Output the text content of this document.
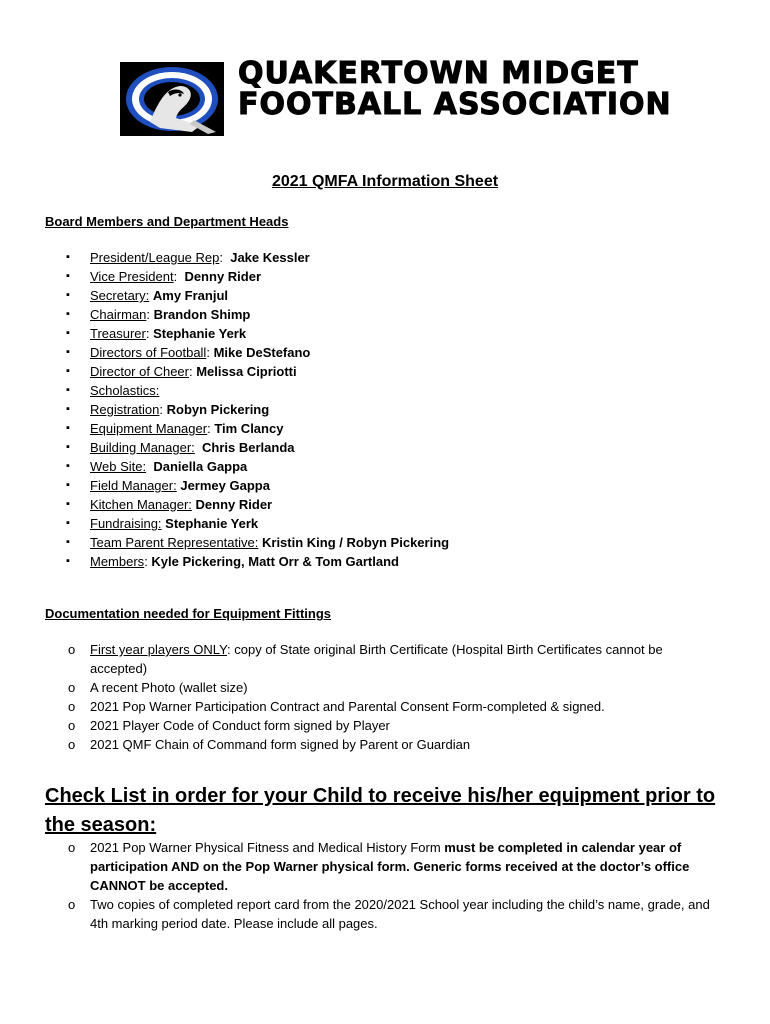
QUAKERTOWN MIDGET
FOOTBALL ASSOCIATION
2021 QMFA Information Sheet
Board Members and Department Heads
▪ President/League Rep:  Jake Kessler
▪ Vice President:  Denny Rider
▪ Secretary: Amy Franjul
▪ Chairman: Brandon Shimp
▪ Treasurer: Stephanie Yerk
▪ Directors of Football: Mike DeStefano
▪ Director of Cheer: Melissa Cipriotti
▪ Scholastics:
▪ Registration: Robyn Pickering
▪ Equipment Manager: Tim Clancy
▪ Building Manager: Chris Berlanda
▪ Web Site: Daniella Gappa
▪ Field Manager: Jermey Gappa
▪ Kitchen Manager: Denny Rider
▪ Fundraising: Stephanie Yerk
▪ Team Parent Representative: Kristin King / Robyn Pickering
▪ Members: Kyle Pickering, Matt Orr & Tom Gartland
Documentation needed for Equipment Fittings
o First year players ONLY: copy of State original Birth Certificate (Hospital Birth Certificates cannot be accepted)
o A recent Photo (wallet size)
o 2021 Pop Warner Participation Contract and Parental Consent Form-completed & signed.
o 2021 Player Code of Conduct form signed by Player
o 2021 QMF Chain of Command form signed by Parent or Guardian
Check List in order for your Child to receive his/her equipment prior to the season:
o 2021 Pop Warner Physical Fitness and Medical History Form must be completed in calendar year of participation AND on the Pop Warner physical form. Generic forms received at the doctor’s office CANNOT be accepted.
o Two copies of completed report card from the 2020/2021 School year including the child’s name, grade, and 4th marking period date. Please include all pages.
